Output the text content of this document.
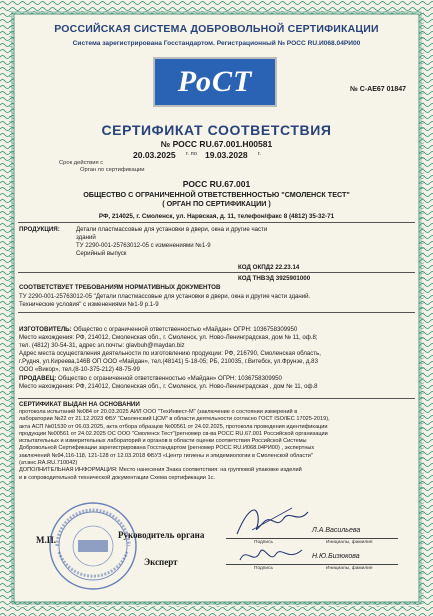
РОССИЙСКАЯ СИСТЕМА ДОБРОВОЛЬНОЙ СЕРТИФИКАЦИИ
Система зарегистрирована Госстандартом. Регистрационный № РОСС RU.И068.04РИ00
РоСТ	№ С-АЕ67 01847
СЕРТИФИКАТ СООТВЕТСТВИЯ
№ РОСС RU.67.001.Н00581
Срок действия с
20.03.2025 г. по 19.03.2028 г.
Орган по сертификации
РОСС RU.67.001
ОБЩЕСТВО С ОГРАНИЧЕННОЙ ОТВЕТСТВЕННОСТЬЮ "СМОЛЕНСК ТЕСТ"
( ОРГАН ПО СЕРТИФИКАЦИИ )
РФ, 214025, г. Смоленск, ул. Нарвская, д. 11, телефон/факс 8 (4812) 35-32-71
ПРОДУКЦИЯ:	Детали пластмассовые для установки в двери, окна и другие части
зданий
ТУ 2290-001-25763012-05 с изменениями №1-9
Серийный выпуск
КОД ОКПД2 22.23.14
КОД ТНВЭД 3925901000
СООТВЕТСТВУЕТ ТРЕБОВАНИЯМ НОРМАТИВНЫХ ДОКУМЕНТОВ
ТУ 2290-001-25763012-05 "Детали пластмассовые для установки в двери, окна и другие части зданий.
Технические условия" с изменениями №1-9 р.1-9
ИЗГОТОВИТЕЛЬ: Общество с ограниченной ответственностью «Майдан» ОГРН: 1036758309950
Место нахождения: РФ, 214012, Смоленская обл., г. Смоленск, ул. Ново-Ленинградская, дом № 11, оф.8;
тел. (4812) 30-54-31, адрес эл.почты: glavbuh@maydan.biz
Адрес места осуществления деятельности по изготовлению продукции: РФ, 216790, Смоленская область,
г.Рудня, ул.Киреева,146В ОП ООО «Майдан», тел.(48141) 5-18-05; РБ, 210035, г.Витебск, ул.Фрунзе, д.83
ООО «Викор», тел.(8-10-375-212) 48-75-99
ПРОДАВЕЦ: Общество с ограниченной ответственностью «Майдан» ОГРН: 1036758309950
Место нахождения: РФ, 214012, Смоленская обл., г. Смоленск, ул. Ново-Ленинградская , дом № 11, оф.8
СЕРТИФИКАТ ВЫДАН НА ОСНОВАНИИ
протокола испытаний №084 от 20.03.2025 АИЛ ООО "ТехИнвест-М" (заключение о состоянии измерений в
лаборатории №22 от 21.12.2023 ФБУ "Смоленский ЦСМ" в области деятельности согласно ГОСТ ISO/IEC 17025-2019),
акта АСП №01530 от 06.03.2025, акта отбора образцов №00561 от 24.02.2025, протокола проведения идентификации
продукции №00561 от 24.02.2025 ОС ООО "Смоленск Тест"(регномер св-ва РОСС RU.67.001 Российской организации
испытательных и измерительных лабораторий и органов в области оценки соответствия Российской Системы
Добровольной Сертификации зарегистрирована Госстандартом (регномер РОСС RU.И068.04РИ00) , экспертных
заключений №94,116-118, 121-128 от 12.03.2018 ФБУЗ «Центр гигиены и эпидемиологии в Смоленской области"
(ат.внс.RA.RU.710042)
ДОПОЛНИТЕЛЬНАЯ ИНФОРМАЦИЯ: Место нанесения Знака соответствия: на групповой упаковке изделий
и в сопроводительной технической документации Схема сертификации 1с.
М.П.	Руководитель органа
Подпись
Л.А.Васильева
Инициалы, фамилия
Эксперт
Подпись
Н.Ю.Бизюкова
Инициалы, фамилия
